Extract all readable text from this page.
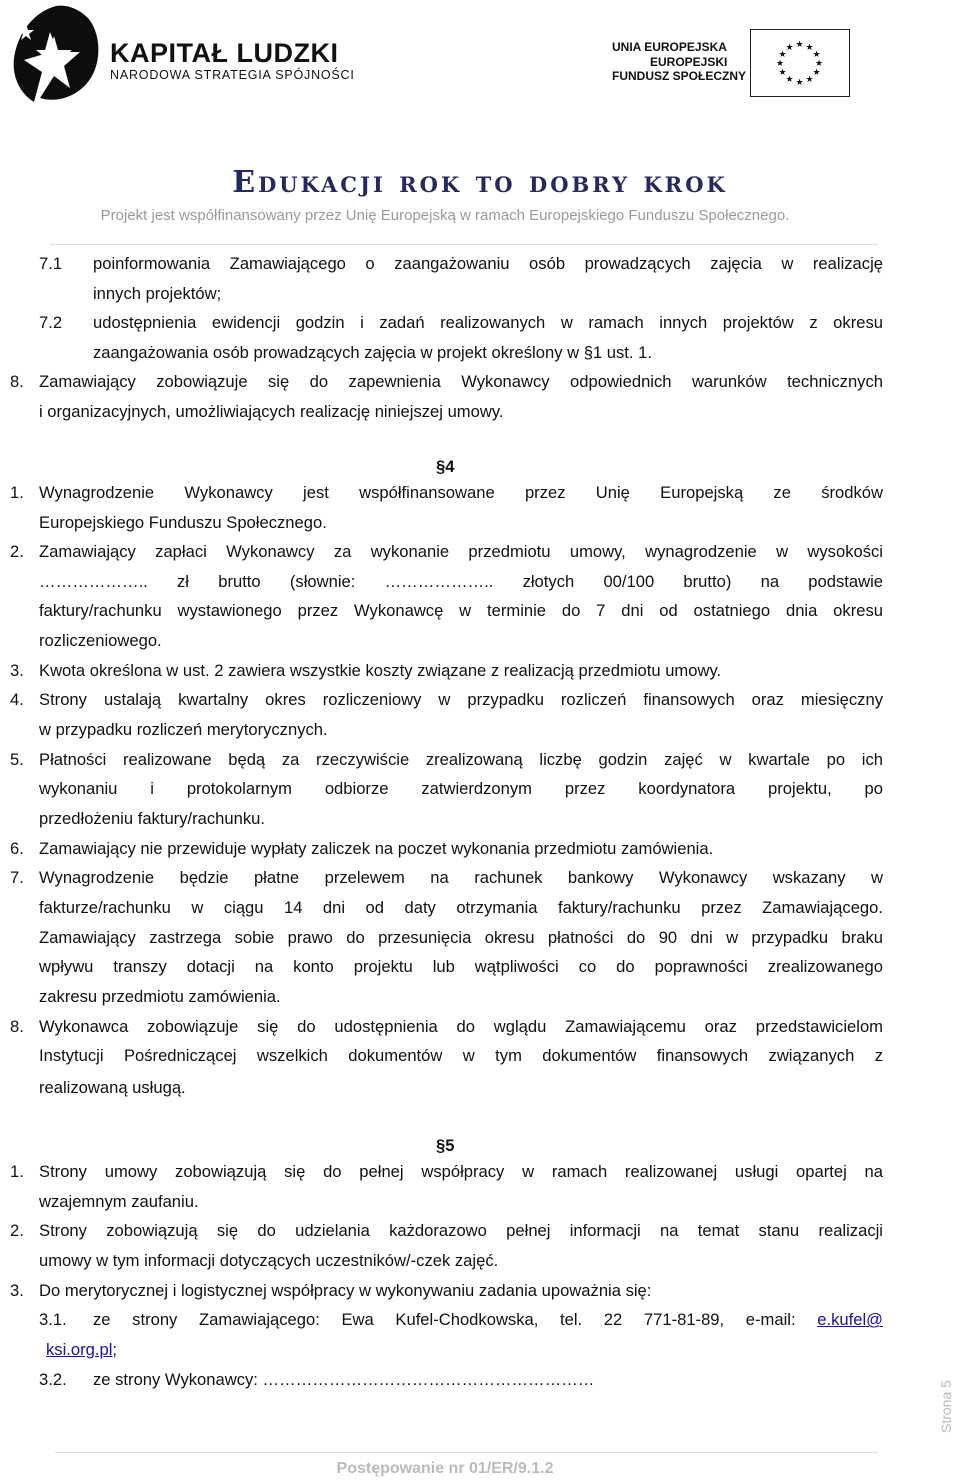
KAPITAŁ LUDZKI
NARODOWA STRATEGIA SPÓJNOŚCI
UNIA EUROPEJSKA
EUROPEJSKI
FUNDUSZ SPOŁECZNY
★ ★
★
★
★
★
★
★
★
★
★
★
Edukacji rok to dobry krok
Projekt jest współfinansowany przez Unię Europejską w ramach Europejskiego Funduszu Społecznego.
7.1 poinformowania Zamawiającego o zaangażowaniu osób prowadzących zajęcia w realizację
innych projektów;
7.2 udostępnienia ewidencji godzin i zadań realizowanych w ramach innych projektów z okresu
zaangażowania osób prowadzących zajęcia w projekt określony w §1 ust. 1.
8. Zamawiający zobowiązuje się do zapewnienia Wykonawcy odpowiednich warunków technicznych
i organizacyjnych, umożliwiających realizację niniejszej umowy.
§4
1. Wynagrodzenie Wykonawcy jest współfinansowane przez Unię Europejską ze środków
Europejskiego Funduszu Społecznego.
2. Zamawiający zapłaci Wykonawcy za wykonanie przedmiotu umowy, wynagrodzenie w wysokości
……………….. zł brutto (słownie: ……………….. złotych 00/100 brutto) na podstawie
faktury/rachunku wystawionego przez Wykonawcę w terminie do 7 dni od ostatniego dnia okresu
rozliczeniowego.
3. Kwota określona w ust. 2 zawiera wszystkie koszty związane z realizacją przedmiotu umowy.
4. Strony ustalają kwartalny okres rozliczeniowy w przypadku rozliczeń finansowych oraz miesięczny
w przypadku rozliczeń merytorycznych.
5. Płatności realizowane będą za rzeczywiście zrealizowaną liczbę godzin zajęć w kwartale po ich
wykonaniu i protokolarnym odbiorze zatwierdzonym przez koordynatora projektu, po
przedłożeniu faktury/rachunku.
6. Zamawiający nie przewiduje wypłaty zaliczek na poczet wykonania przedmiotu zamówienia.
7. Wynagrodzenie będzie płatne przelewem na rachunek bankowy Wykonawcy wskazany w
fakturze/rachunku w ciągu 14 dni od daty otrzymania faktury/rachunku przez Zamawiającego.
Zamawiający zastrzega sobie prawo do przesunięcia okresu płatności do 90 dni w przypadku braku
wpływu transzy dotacji na konto projektu lub wątpliwości co do poprawności zrealizowanego
zakresu przedmiotu zamówienia.
8. Wykonawca zobowiązuje się do udostępnienia do wglądu Zamawiającemu oraz przedstawicielom
Instytucji Pośredniczącej wszelkich dokumentów w tym dokumentów finansowych związanych z
realizowaną usługą.
§5
1. Strony umowy zobowiązują się do pełnej współpracy w ramach realizowanej usługi opartej na
wzajemnym zaufaniu.
2. Strony zobowiązują się do udzielania każdorazowo pełnej informacji na temat stanu realizacji
umowy w tym informacji dotyczących uczestników/-czek zajęć.
3. Do merytorycznej i logistycznej współpracy w wykonywaniu zadania upoważnia się:
3.1. ze strony Zamawiającego: Ewa Kufel-Chodkowska, tel. 22 771-81-89, e-mail: e.kufel@
ksi.org.pl;
3.2. ze strony Wykonawcy: ……………………………………………………
Strona 5
Postępowanie nr 01/ER/9.1.2
